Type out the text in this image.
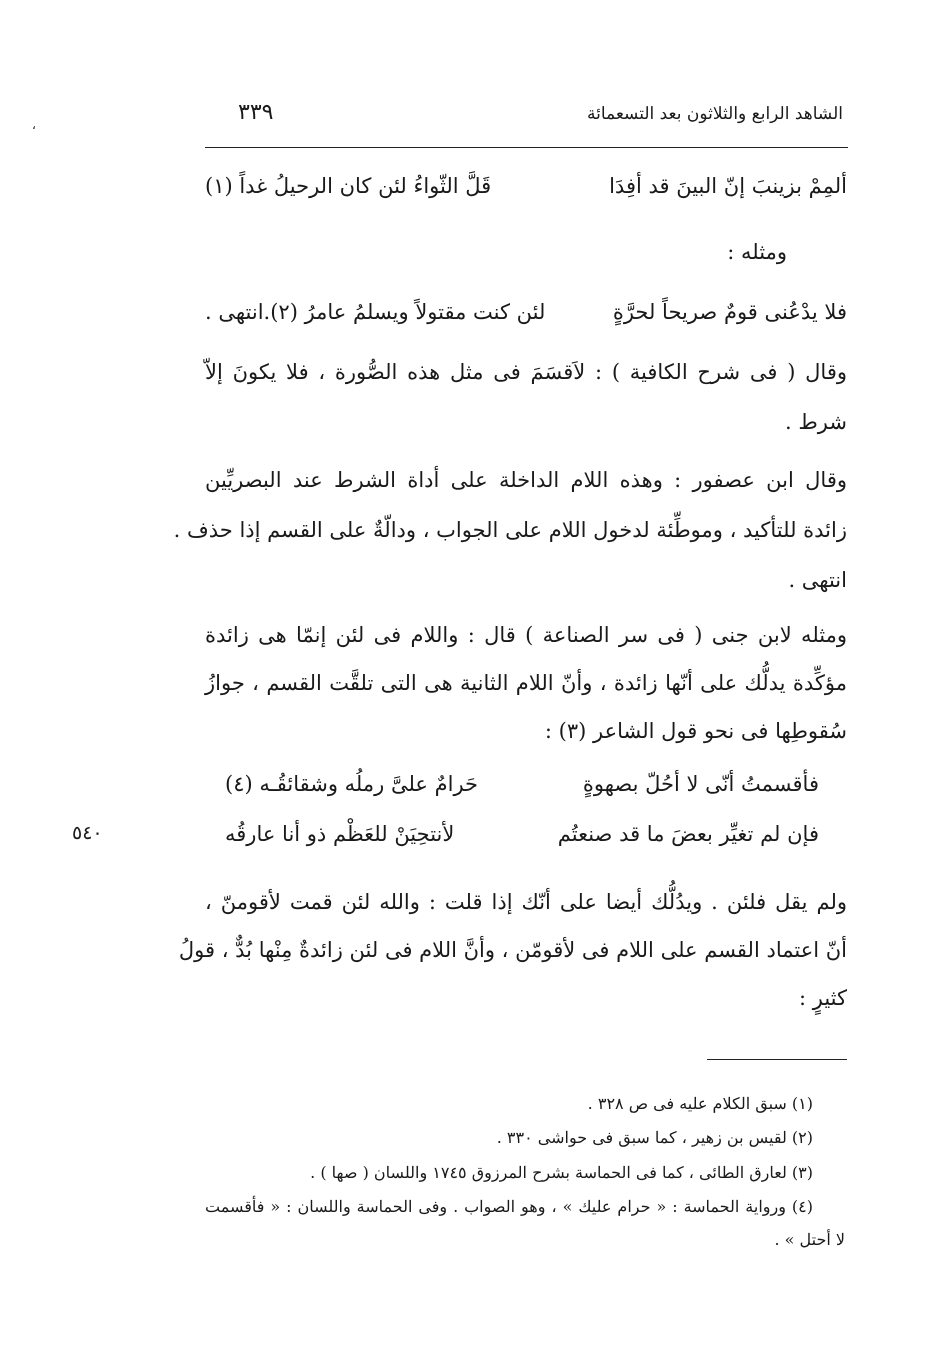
،
الشاهد الرابع والثلاثون بعد التسعمائة
٣٣٩
ألمِمْ بزينبَ إنّ البينَ قد أفِدَا
قَلَّ الثّواءُ لئن كان الرحيلُ غداً (١)
ومثله :
فلا يدْعُنى قومٌ صريحاً لحرَّةٍ
لئن كنت مقتولاً ويسلمُ عامرُ (٢).انتهى .
وقال ( فى شرح الكافية ) : لاَقسَمَ فى مثل هذه الصُّورة ، فلا يكونَ إلاّ
شرط .
وقال ابن عصفور : وهذه اللام الداخلة على أداة الشرط عند البصريِّين
زائدة للتأكيد ، وموطِّئة لدخول اللام على الجواب ، ودالّةٌ على القسم إذا حذف .
انتهى .
ومثله لابن جنى ( فى سر الصناعة ) قال : واللام فى لئن إنمّا هى زائدة
مؤكِّدة يدلُّك على أنّها زائدة ، وأنّ اللام الثانية هى التى تلقَّت القسم ، جوازُ
سُقوطِها فى نحو قول الشاعر (٣) :
فأقسمتُ أنّى لا أحُلّ بصهوةٍ
حَرامٌ علىَّ رملُه وشقائقُـه (٤)
فإن لم تغيِّر بعضَ ما قد صنعتُم
لأنتحِيَنْ للعَظْم ذو أنا عارقُه
ولم يقل فلئن . ويدُلُّك أيضا على أنّك إذا قلت : والله لئن قمت لأقومنّ ،
أنّ اعتماد القسم على اللام فى لأقومّن ، وأنَّ اللام فى لئن زائدةٌ مِنْها بُدٌّ ، قولُ
كثيرٍ :
٥٤٠
(١) سبق الكلام عليه فى ص ٣٢٨ .
(٢) لقيس بن زهير ، كما سبق فى حواشى ٣٣٠ .
(٣) لعارق الطائى ، كما فى الحماسة بشرح المرزوق ١٧٤٥ واللسان ( صها ) .
(٤) ورواية الحماسة : « حرام عليك » ، وهو الصواب . وفى الحماسة واللسان : « فأقسمت
لا أحتل » .
